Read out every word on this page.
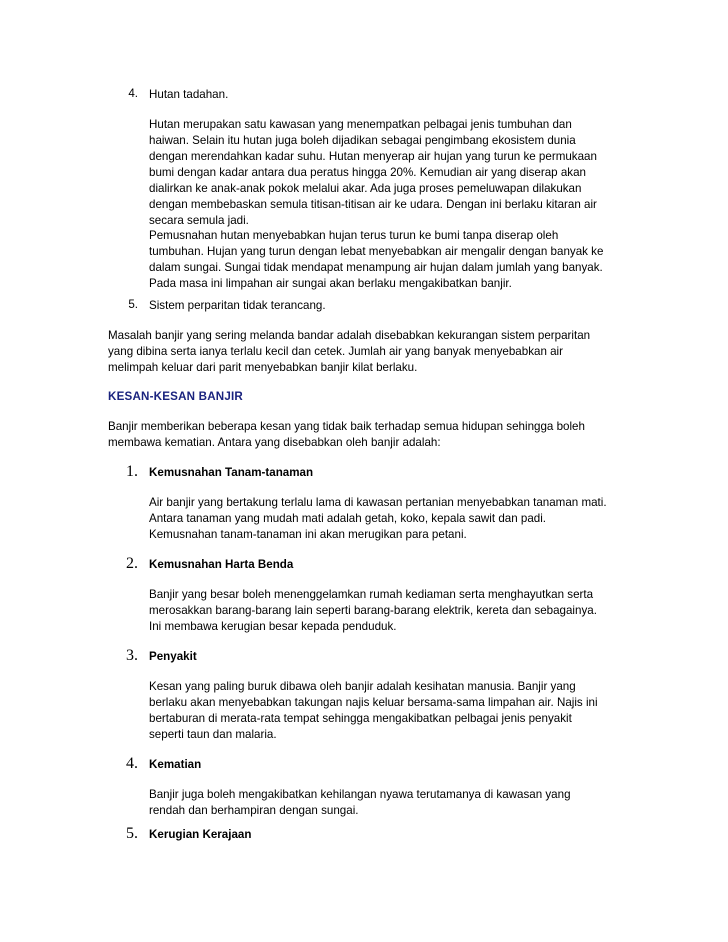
4. Hutan tadahan.
Hutan merupakan satu kawasan yang menempatkan pelbagai jenis tumbuhan dan
haiwan. Selain itu hutan juga boleh dijadikan sebagai pengimbang ekosistem dunia
dengan merendahkan kadar suhu. Hutan menyerap air hujan yang turun ke permukaan
bumi dengan kadar antara dua peratus hingga 20%. Kemudian air yang diserap akan
dialirkan ke anak-anak pokok melalui akar. Ada juga proses pemeluwapan dilakukan
dengan membebaskan semula titisan-titisan air ke udara. Dengan ini berlaku kitaran air
secara semula jadi.
Pemusnahan hutan menyebabkan hujan terus turun ke bumi tanpa diserap oleh
tumbuhan. Hujan yang turun dengan lebat menyebabkan air mengalir dengan banyak ke
dalam sungai. Sungai tidak mendapat menampung air hujan dalam jumlah yang banyak.
Pada masa ini limpahan air sungai akan berlaku mengakibatkan banjir.
5. Sistem perparitan tidak terancang.
Masalah banjir yang sering melanda bandar adalah disebabkan kekurangan sistem perparitan
yang dibina serta ianya terlalu kecil dan cetek. Jumlah air yang banyak menyebabkan air
melimpah keluar dari parit menyebabkan banjir kilat berlaku.
KESAN-KESAN BANJIR
Banjir memberikan beberapa kesan yang tidak baik terhadap semua hidupan sehingga boleh
membawa kematian. Antara yang disebabkan oleh banjir adalah:
1. Kemusnahan Tanam-tanaman
Air banjir yang bertakung terlalu lama di kawasan pertanian menyebabkan tanaman mati.
Antara tanaman yang mudah mati adalah getah, koko, kepala sawit dan padi.
Kemusnahan tanam-tanaman ini akan merugikan para petani.
2. Kemusnahan Harta Benda
Banjir yang besar boleh menenggelamkan rumah kediaman serta menghayutkan serta
merosakkan barang-barang lain seperti barang-barang elektrik, kereta dan sebagainya.
Ini membawa kerugian besar kepada penduduk.
3. Penyakit
Kesan yang paling buruk dibawa oleh banjir adalah kesihatan manusia. Banjir yang
berlaku akan menyebabkan takungan najis keluar bersama-sama limpahan air. Najis ini
bertaburan di merata-rata tempat sehingga mengakibatkan pelbagai jenis penyakit
seperti taun dan malaria.
4. Kematian
Banjir juga boleh mengakibatkan kehilangan nyawa terutamanya di kawasan yang
rendah dan berhampiran dengan sungai.
5. Kerugian Kerajaan
